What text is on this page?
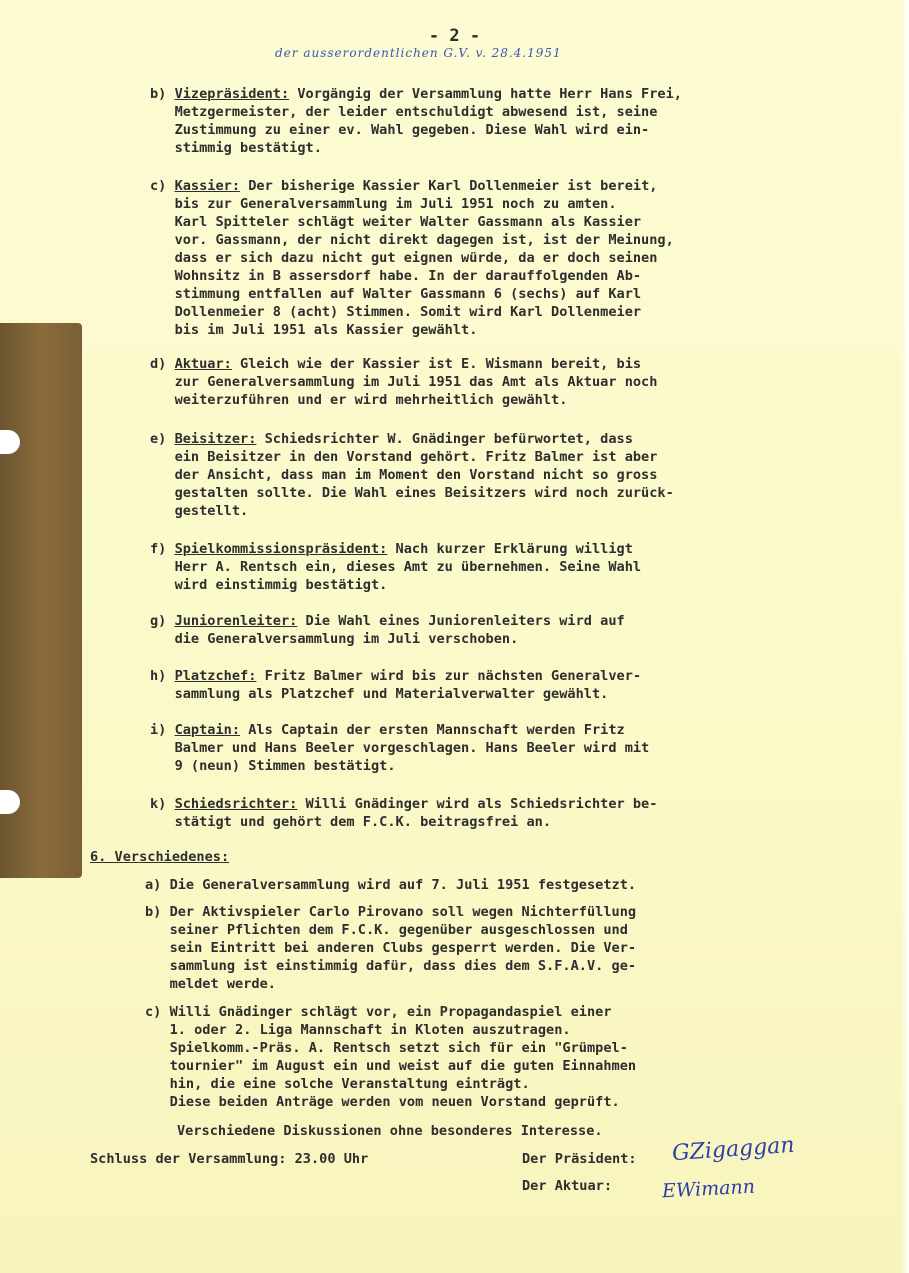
- 2 -
der ausserordentlichen G.V. v. 28.4.1951
b) Vizepräsident: Vorgängig der Versammlung hatte Herr Hans Frei,
Metzgermeister, der leider entschuldigt abwesend ist, seine
Zustimmung zu einer ev. Wahl gegeben. Diese Wahl wird ein-
stimmig bestätigt.
c) Kassier: Der bisherige Kassier Karl Dollenmeier ist bereit,
bis zur Generalversammlung im Juli 1951 noch zu amten.
Karl Spitteler schlägt weiter Walter Gassmann als Kassier
vor. Gassmann, der nicht direkt dagegen ist, ist der Meinung,
dass er sich dazu nicht gut eignen würde, da er doch seinen
Wohnsitz in B assersdorf habe. In der darauffolgenden Ab-
stimmung entfallen auf Walter Gassmann 6 (sechs) auf Karl
Dollenmeier 8 (acht) Stimmen. Somit wird Karl Dollenmeier
bis im Juli 1951 als Kassier gewählt.
d) Aktuar: Gleich wie der Kassier ist E. Wismann bereit, bis
zur Generalversammlung im Juli 1951 das Amt als Aktuar noch
weiterzuführen und er wird mehrheitlich gewählt.
e) Beisitzer: Schiedsrichter W. Gnädinger befürwortet, dass
ein Beisitzer in den Vorstand gehört. Fritz Balmer ist aber
der Ansicht, dass man im Moment den Vorstand nicht so gross
gestalten sollte. Die Wahl eines Beisitzers wird noch zurück-
gestellt.
f) Spielkommissionspräsident: Nach kurzer Erklärung willigt
Herr A. Rentsch ein, dieses Amt zu übernehmen. Seine Wahl
wird einstimmig bestätigt.
g) Juniorenleiter: Die Wahl eines Juniorenleiters wird auf
die Generalversammlung im Juli verschoben.
h) Platzchef: Fritz Balmer wird bis zur nächsten Generalver-
sammlung als Platzchef und Materialverwalter gewählt.
i) Captain: Als Captain der ersten Mannschaft werden Fritz
Balmer und Hans Beeler vorgeschlagen. Hans Beeler wird mit
9 (neun) Stimmen bestätigt.
k) Schiedsrichter: Willi Gnädinger wird als Schiedsrichter be-
stätigt und gehört dem F.C.K. beitragsfrei an.
6. Verschiedenes:
a) Die Generalversammlung wird auf 7. Juli 1951 festgesetzt.
b) Der Aktivspieler Carlo Pirovano soll wegen Nichterfüllung
seiner Pflichten dem F.C.K. gegenüber ausgeschlossen und
sein Eintritt bei anderen Clubs gesperrt werden. Die Ver-
sammlung ist einstimmig dafür, dass dies dem S.F.A.V. ge-
meldet werde.
c) Willi Gnädinger schlägt vor, ein Propagandaspiel einer
1. oder 2. Liga Mannschaft in Kloten auszutragen.
Spielkomm.-Präs. A. Rentsch setzt sich für ein "Grümpel-
tournier" im August ein und weist auf die guten Einnahmen
hin, die eine solche Veranstaltung einträgt.
Diese beiden Anträge werden vom neuen Vorstand geprüft.
Verschiedene Diskussionen ohne besonderes Interesse.
Schluss der Versammlung: 23.00 Uhr	Der Präsident:
Der Aktuar:
GZigaggan
EWimann
